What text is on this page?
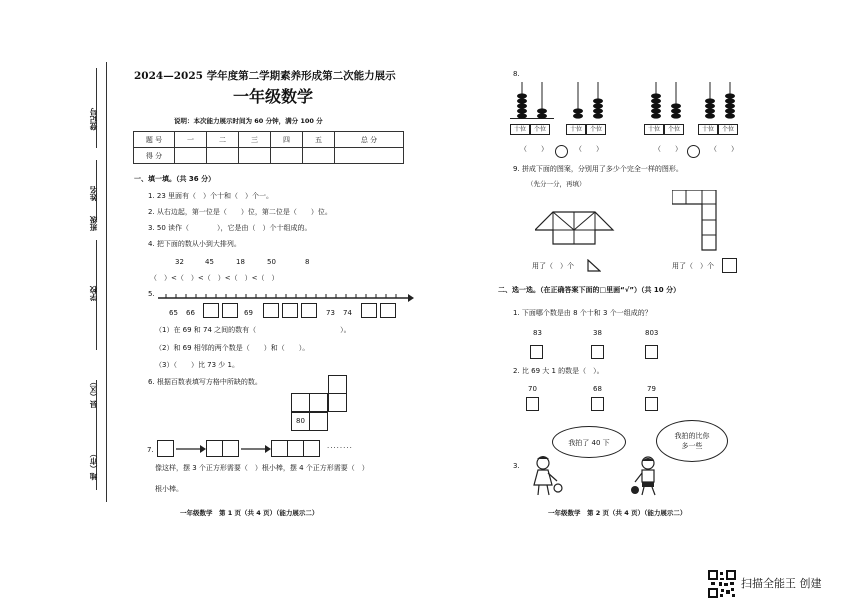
登记号
姓名
班级
学校
县（区）
地（市）
2024—2025 学年度第二学期素养形成第二次能力展示
一年级数学
说明：本次能力展示时间为 60 分钟，满分 100 分
题 号	一	二	三	四	五	总 分
得 分						
一、填一填。（共 36 分）
1. 23 里面有（　）个十和（　）个一。
2. 从右边起，第一位是（　　）位，第二位是（　　）位。
3. 50 读作（　　　　），它是由（　）个十组成的。
4. 把下面的数从小到大排列。
32	45	18	50	8
（　）<（　）<（　）<（　）<（　）
5.
65 66	69	73 74
（1）在 69 和 74 之间的数有（　　　　　　　　　　　　）。
（2）和 69 相邻的两个数是（　　）和（　　）。
（3）（　　）比 73 少 1。
6. 根据百数表填写方格中所缺的数。
80
7.	········
像这样，摆 3 个正方形需要（　）根小棒，摆 4 个正方形需要（　）
根小棒。
一年级数学　第 1 页（共 4 页）（能力展示二）
8.
十位	个位	十位	个位	十位	个位	十位	个位
（　　）	（　　）	（　　）	（　　）
9. 拼成下面的图案，分别用了多少个完全一样的图形。
（先分一分，再填）
用了（　）个	用了（　）个
二、选一选。（在正确答案下面的□里画“√”）（共 10 分）
1. 下面哪个数是由 8 个十和 3 个一组成的？
83	38	803
2. 比 69 大 1 的数是（　）。
70	68	79
3.
我拍了 40 下
我拍的比你
多一些
一年级数学　第 2 页（共 4 页）（能力展示二）
扫描全能王 创建
